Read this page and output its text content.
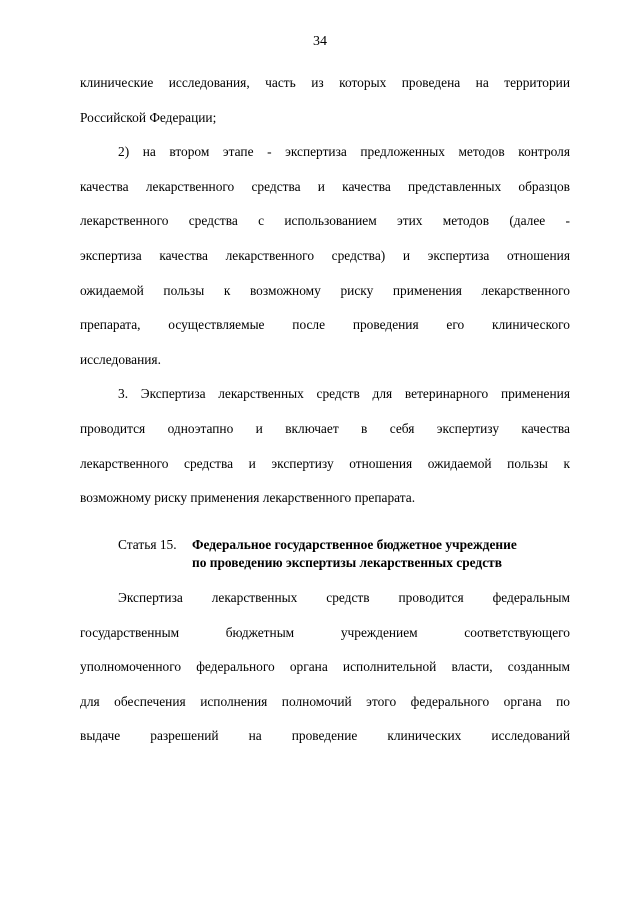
34
клинические исследования, часть из которых проведена на территории
Российской Федерации;
2) на втором этапе - экспертиза предложенных методов контроля
качества лекарственного средства и качества представленных образцов
лекарственного средства с использованием этих методов (далее -
экспертиза качества лекарственного средства) и экспертиза отношения
ожидаемой пользы к возможному риску применения лекарственного
препарата, осуществляемые после проведения его клинического
исследования.
3. Экспертиза лекарственных средств для ветеринарного применения
проводится одноэтапно и включает в себя экспертизу качества
лекарственного средства и экспертизу отношения ожидаемой пользы к
возможному риску применения лекарственного препарата.
Статья 15. Федеральное государственное бюджетное учреждение
по проведению экспертизы лекарственных средств
Экспертиза лекарственных средств проводится федеральным
государственным бюджетным учреждением соответствующего
уполномоченного федерального органа исполнительной власти, созданным
для обеспечения исполнения полномочий этого федерального органа по
выдаче разрешений на проведение клинических исследований
